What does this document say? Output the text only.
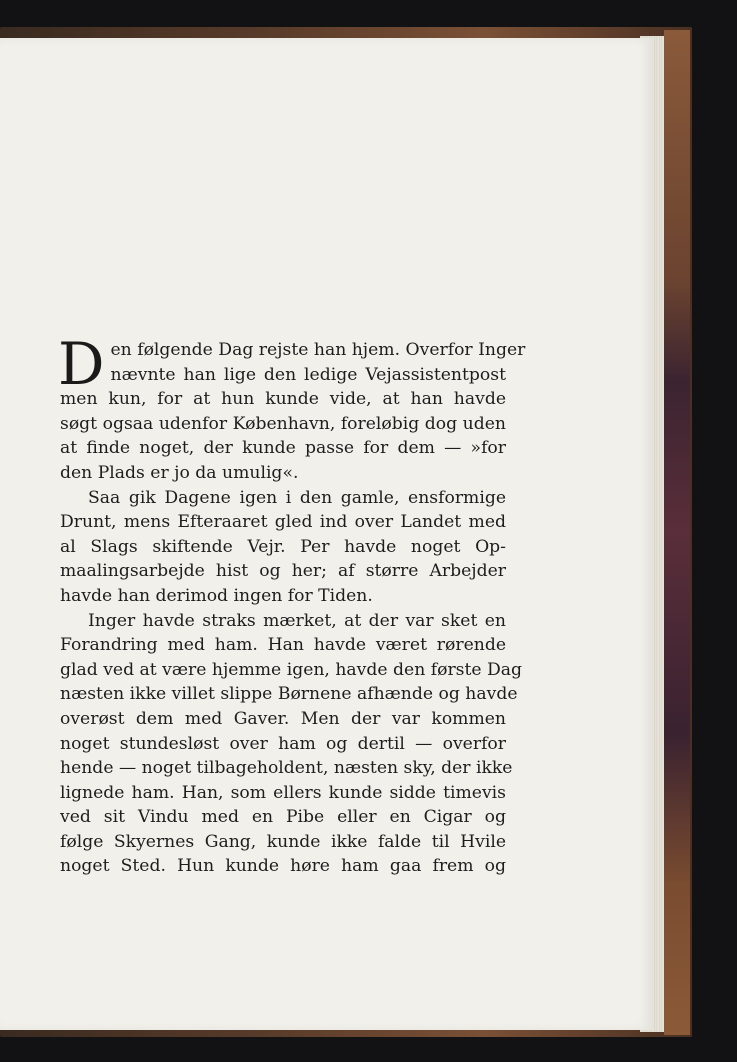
D en følgende Dag rejste han hjem. Overfor Inger
nævnte han lige den ledige Vejassistentpost
men kun, for at hun kunde vide, at han havde
søgt ogsaa udenfor København, foreløbig dog uden
at finde noget, der kunde passe for dem — »for
den Plads er jo da umulig«.
Saa gik Dagene igen i den gamle, ensformige
Drunt, mens Efteraaret gled ind over Landet med
al Slags skiftende Vejr. Per havde noget Op-
maalingsarbejde hist og her; af større Arbejder
havde han derimod ingen for Tiden.
Inger havde straks mærket, at der var sket en
Forandring med ham. Han havde været rørende
glad ved at være hjemme igen, havde den første Dag
næsten ikke villet slippe Børnene afhænde og havde
overøst dem med Gaver. Men der var kommen
noget stundesløst over ham og dertil — overfor
hende — noget tilbageholdent, næsten sky, der ikke
lignede ham. Han, som ellers kunde sidde timevis
ved sit Vindu med en Pibe eller en Cigar og
følge Skyernes Gang, kunde ikke falde til Hvile
noget Sted. Hun kunde høre ham gaa frem og
